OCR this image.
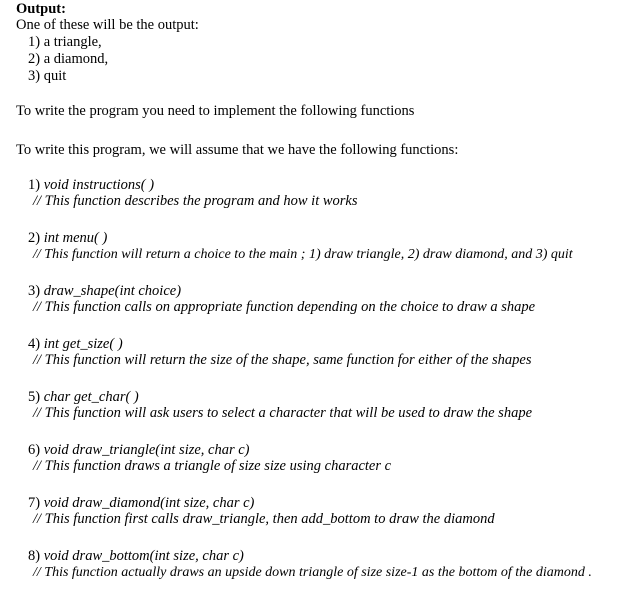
Output:
One of these will be the output:
1) a triangle,
2) a diamond,
3) quit
To write the program you need to implement the following functions
To write this program, we will assume that we have the following functions:
1) void instructions( )
// This function describes the program and how it works
2) int menu( )
// This function will return a choice to the main ; 1) draw triangle, 2) draw diamond, and 3) quit
3) draw_shape(int choice)
// This function calls on appropriate function depending on the choice to draw a shape
4) int get_size( )
// This function will return the size of the shape, same function for either of the shapes
5) char get_char( )
// This function will ask users to select a character that will be used to draw the shape
6) void draw_triangle(int size, char c)
// This function draws a triangle of size size using character c
7) void draw_diamond(int size, char c)
// This function first calls draw_triangle, then add_bottom to draw the diamond
8) void draw_bottom(int size, char c)
// This function actually draws an upside down triangle of size size-1 as the bottom of the diamond .
